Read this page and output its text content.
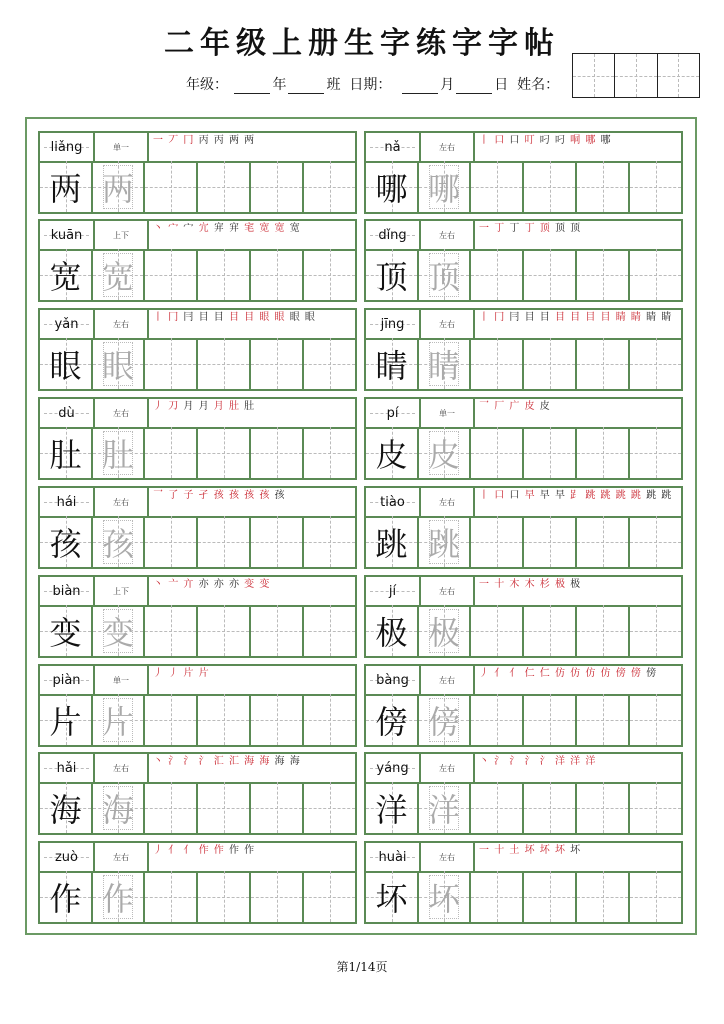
二年级上册生字练字字帖
年级：	年	班 日期：	月	日 姓名：
liǎng	单一
一 丆 冂 丙 丙 两 两
两 两
nǎ	左右
丨 口 口 叮 叼 叼 哃 哪 哪
哪 哪
kuān	上下
丶 宀 宀 宂 宑 宑 宒 宽 宽 宽
宽 宽
dǐng	左右
一 丁 丁 丁 顶 顶 顶
顶 顶
yǎn	左右
丨 冂 冃 目 目 目 目 眼 眼 眼 眼
眼 眼
jīng	左右
丨 冂 冃 目 目 目 目 目 目 睛 睛 睛 睛
睛 睛
dù	左右
丿 刀 月 月 月 肚 肚
肚 肚
pí	单一
乛 厂 广 皮 皮
皮 皮
hái	左右
乛 了 子 孑 孩 孩 孩 孩 孩
孩 孩
tiào	左右
丨 口 口 早 早 早 𧾷 跳 跳 跳 跳 跳 跳
跳 跳
biàn	上下
丶 亠 亣 亦 亦 亦 变 变
变 变
jí	左右
一 十 木 木 杉 极 极
极 极
piàn	单一
丿 丿 片 片
片 片
bàng	左右
丿 亻 亻 仁 仁 仿 仿 仿 仿 傍 傍 傍
傍 傍
hǎi	左右
丶 氵 氵 氵 汇 汇 海 海 海 海
海 海
yáng	左右
丶 氵 氵 氵 氵 洋 洋 洋
洋 洋
zuò	左右
丿 亻 亻 作 作 作 作
作 作
huài	左右
一 十 土 坏 坏 坏 坏
坏 坏
第1/14页
